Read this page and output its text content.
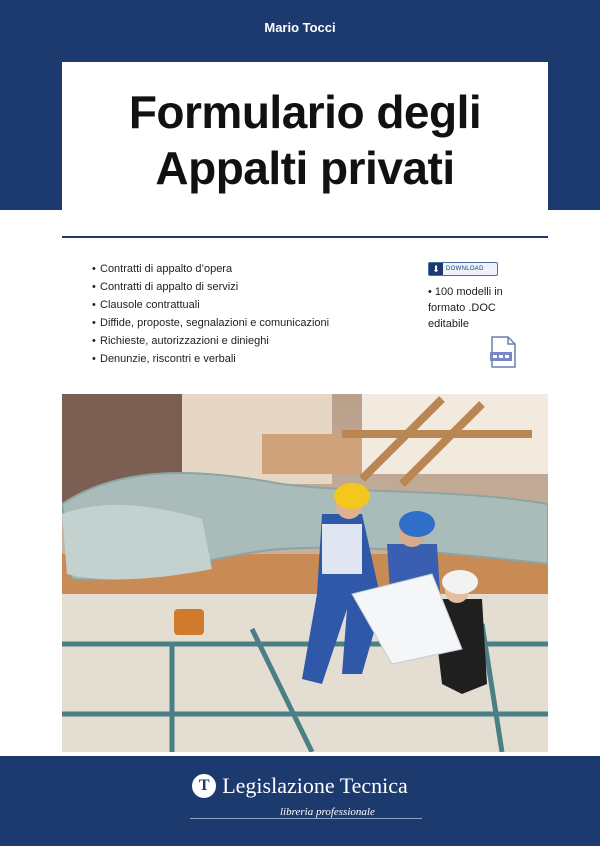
Mario Tocci
Formulario degli
Appalti privati
• Contratti di appalto d’opera
• Contratti di appalto di servizi
• Clausole contrattuali
• Diffide, proposte, segnalazioni e comunicazioni
• Richieste, autorizzazioni e dinieghi
• Denunzie, riscontri e verbali
⬇	DOWNLOAD
• 100 modelli in
formato .DOC
editabile
T Legislazione Tecnica
libreria professionale
